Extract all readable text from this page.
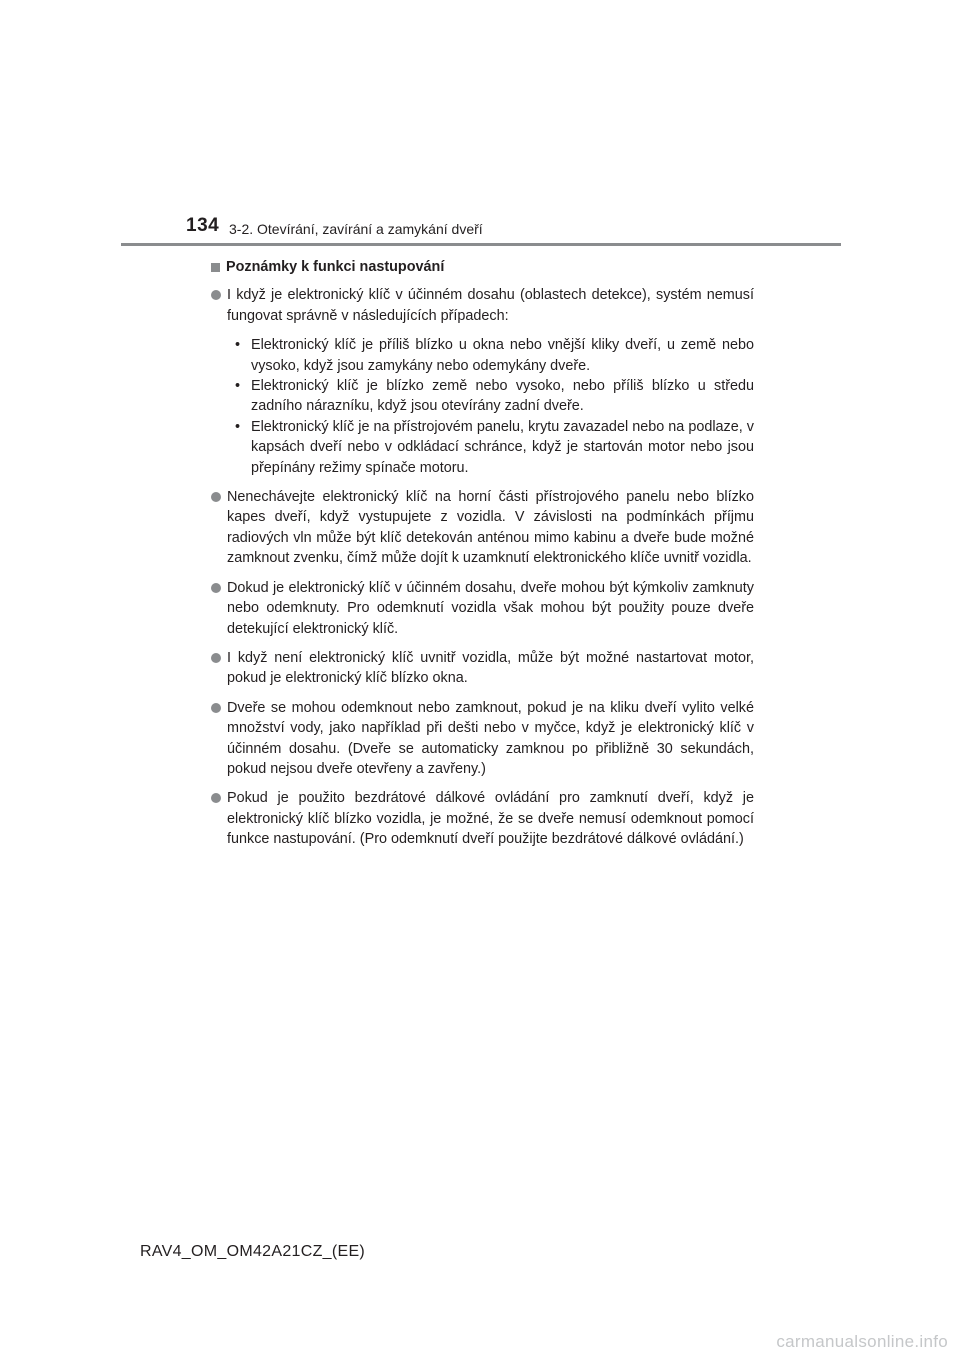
134 3-2. Otevírání, zavírání a zamykání dveří
Poznámky k funkci nastupování
I když je elektronický klíč v účinném dosahu (oblastech detekce), systém nemusí fungovat správně v následujících případech:
• Elektronický klíč je příliš blízko u okna nebo vnější kliky dveří, u země nebo vysoko, když jsou zamykány nebo odemykány dveře.
• Elektronický klíč je blízko země nebo vysoko, nebo příliš blízko u středu zadního nárazníku, když jsou otevírány zadní dveře.
• Elektronický klíč je na přístrojovém panelu, krytu zavazadel nebo na podlaze, v kapsách dveří nebo v odkládací schránce, když je startován motor nebo jsou přepínány režimy spínače motoru.
Nenechávejte elektronický klíč na horní části přístrojového panelu nebo blízko kapes dveří, když vystupujete z vozidla. V závislosti na podmínkách příjmu radiových vln může být klíč detekován anténou mimo kabinu a dveře bude možné zamknout zvenku, čímž může dojít k uzamknutí elektronického klíče uvnitř vozidla.
Dokud je elektronický klíč v účinném dosahu, dveře mohou být kýmkoliv zamknuty nebo odemknuty. Pro odemknutí vozidla však mohou být použity pouze dveře detekující elektronický klíč.
I když není elektronický klíč uvnitř vozidla, může být možné nastartovat motor, pokud je elektronický klíč blízko okna.
Dveře se mohou odemknout nebo zamknout, pokud je na kliku dveří vylito velké množství vody, jako například při dešti nebo v myčce, když je elektronický klíč v účinném dosahu. (Dveře se automaticky zamknou po přibližně 30 sekundách, pokud nejsou dveře otevřeny a zavřeny.)
Pokud je použito bezdrátové dálkové ovládání pro zamknutí dveří, když je elektronický klíč blízko vozidla, je možné, že se dveře nemusí odemknout pomocí funkce nastupování. (Pro odemknutí dveří použijte bezdrátové dálkové ovládání.)
RAV4_OM_OM42A21CZ_(EE)
carmanualsonline.info
